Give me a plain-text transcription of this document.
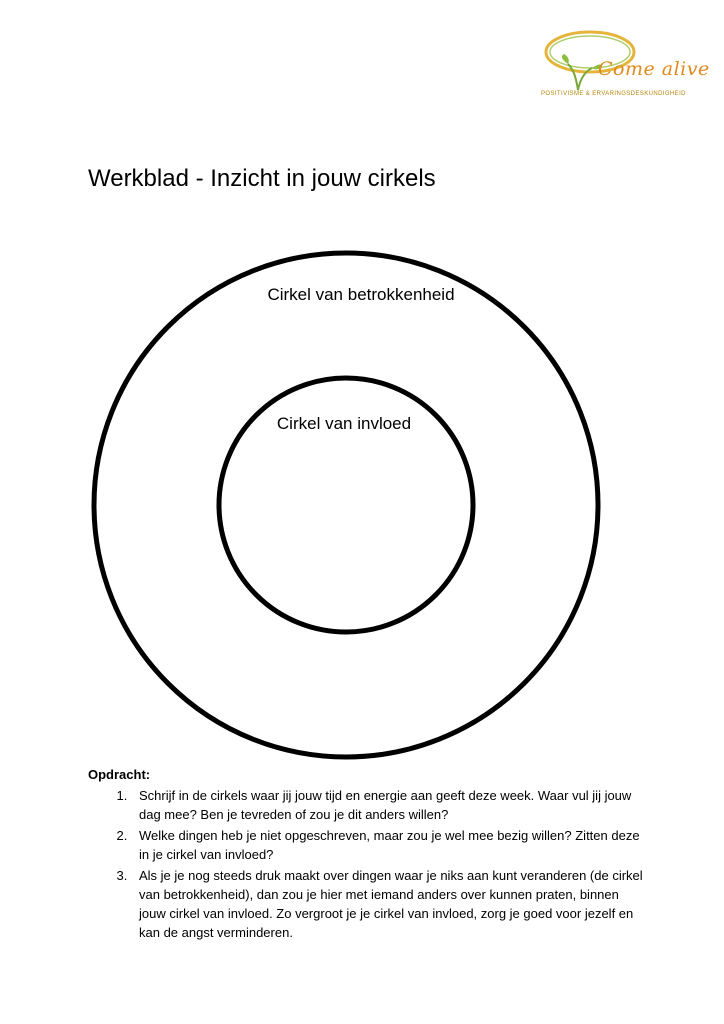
Come alive
POSITIVISME & ERVARINGSDESKUNDIGHEID
Werkblad - Inzicht in jouw cirkels
Cirkel van betrokkenheid
Cirkel van invloed

Opdracht:

1. Schrijf in de cirkels waar jij jouw tijd en energie aan geeft deze week. Waar vul jij jouw dag mee? Ben je tevreden of zou je dit anders willen?
2. Welke dingen heb je niet opgeschreven, maar zou je wel mee bezig willen? Zitten deze in je cirkel van invloed?
3. Als je je nog steeds druk maakt over dingen waar je niks aan kunt veranderen (de cirkel van betrokkenheid), dan zou je hier met iemand anders over kunnen praten, binnen jouw cirkel van invloed. Zo vergroot je je cirkel van invloed, zorg je goed voor jezelf en kan de angst verminderen.
